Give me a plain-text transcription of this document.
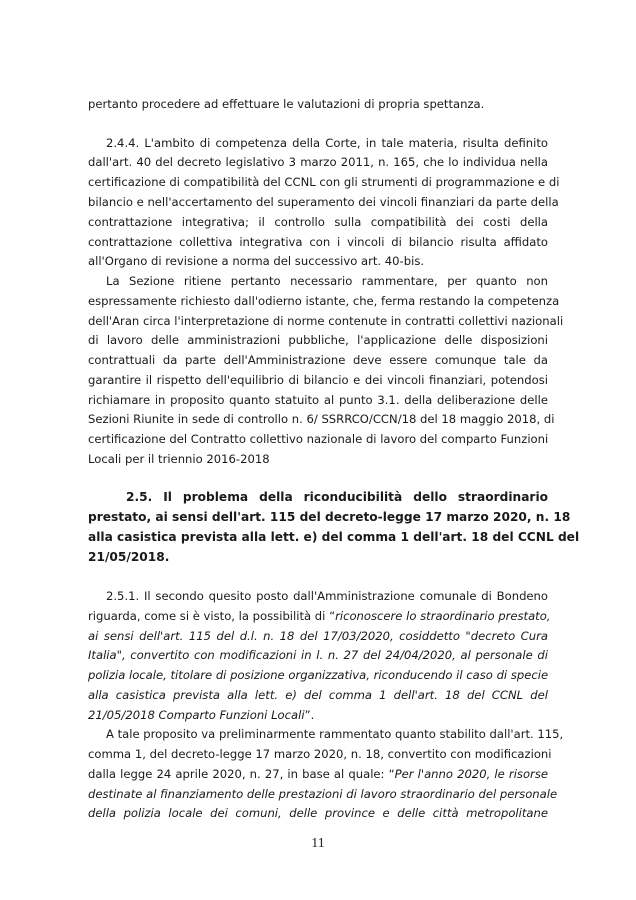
pertanto procedere ad effettuare le valutazioni di propria spettanza.
2.4.4. L'ambito di competenza della Corte, in tale materia, risulta definito
dall'art. 40 del decreto legislativo 3 marzo 2011, n. 165, che lo individua nella
certificazione di compatibilità del CCNL con gli strumenti di programmazione e di
bilancio e nell'accertamento del superamento dei vincoli finanziari da parte della
contrattazione integrativa; il controllo sulla compatibilità dei costi della
contrattazione collettiva integrativa con i vincoli di bilancio risulta affidato
all'Organo di revisione a norma del successivo art. 40-bis.
La Sezione ritiene pertanto necessario rammentare, per quanto non
espressamente richiesto dall'odierno istante, che, ferma restando la competenza
dell'Aran circa l'interpretazione di norme contenute in contratti collettivi nazionali
di lavoro delle amministrazioni pubbliche, l'applicazione delle disposizioni
contrattuali da parte dell'Amministrazione deve essere comunque tale da
garantire il rispetto dell'equilibrio di bilancio e dei vincoli finanziari, potendosi
richiamare in proposito quanto statuito al punto 3.1. della deliberazione delle
Sezioni Riunite in sede di controllo n. 6/ SSRRCO/CCN/18 del 18 maggio 2018, di
certificazione del Contratto collettivo nazionale di lavoro del comparto Funzioni
Locali per il triennio 2016-2018
2.5. Il problema della riconducibilità dello straordinario
prestato, ai sensi dell'art. 115 del decreto-legge 17 marzo 2020, n. 18
alla casistica prevista alla lett. e) del comma 1 dell'art. 18 del CCNL del
21/05/2018.
2.5.1. Il secondo quesito posto dall'Amministrazione comunale di Bondeno
riguarda, come si è visto, la possibilità di “riconoscere lo straordinario prestato,
ai sensi dell'art. 115 del d.l. n. 18 del 17/03/2020, cosiddetto "decreto Cura
Italia", convertito con modificazioni in l. n. 27 del 24/04/2020, al personale di
polizia locale, titolare di posizione organizzativa, riconducendo il caso di specie
alla casistica prevista alla lett. e) del comma 1 dell'art. 18 del CCNL del
21/05/2018 Comparto Funzioni Locali”.
A tale proposito va preliminarmente rammentato quanto stabilito dall'art. 115,
comma 1, del decreto-legge 17 marzo 2020, n. 18, convertito con modificazioni
dalla legge 24 aprile 2020, n. 27, in base al quale: “Per l'anno 2020, le risorse
destinate al finanziamento delle prestazioni di lavoro straordinario del personale
della polizia locale dei comuni, delle province e delle città metropolitane
11
